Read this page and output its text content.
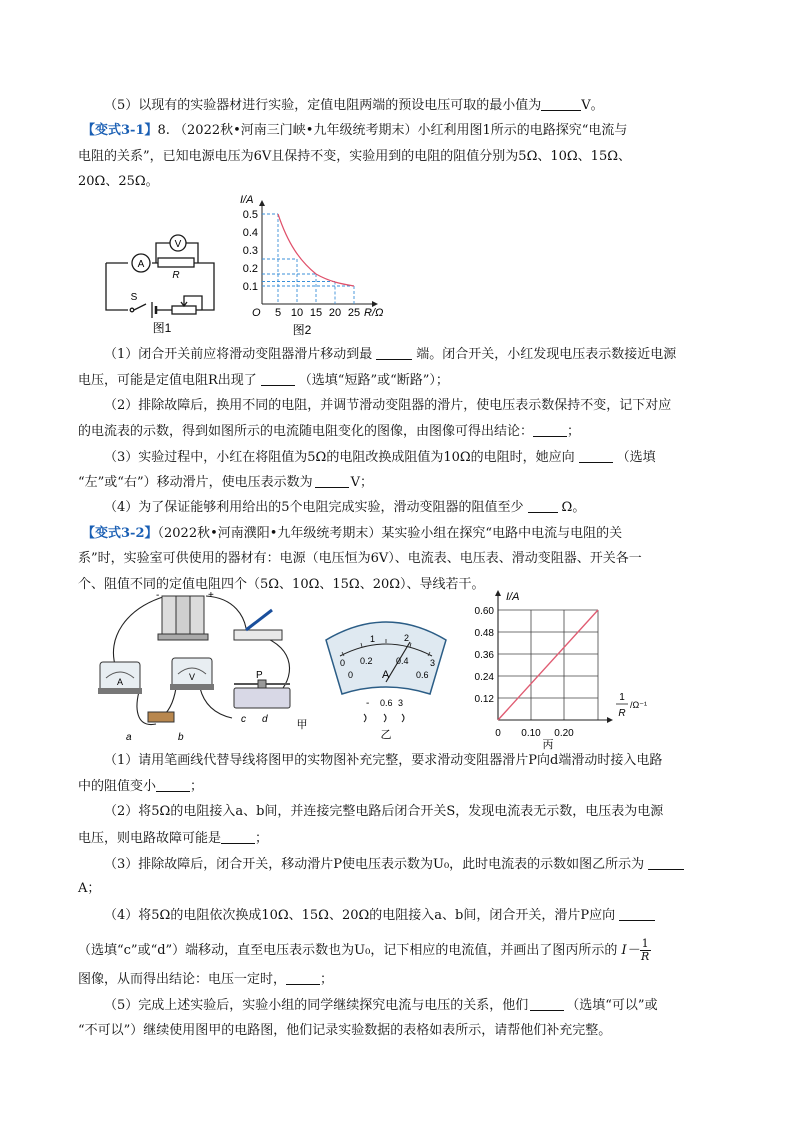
（5）以现有的实验器材进行实验，定值电阻两端的预设电压可取的最小值为	V。
【变式3-1】8. （2022秋•河南三门峡•九年级统考期末）小红利用图1所示的电路探究“电流与
电阻的关系”，已知电源电压为6V且保持不变，实验用到的电阻的阻值分别为5Ω、10Ω、15Ω、
20Ω、25Ω。
A
V
R
S
图1
I/A
0.5
0.4
0.3
0.2
0.1
O 5 10 15 20 25 R/Ω
图2
（1）闭合开关前应将滑动变阻器滑片移动到最	端。闭合开关，小红发现电压表示数接近电源
电压，可能是定值电阻R出现了	（选填“短路”或“断路”）；
（2）排除故障后，换用不同的电阻，并调节滑动变阻器的滑片，使电压表示数保持不变，记下对应
的电流表的示数，得到如图所示的电流随电阻变化的图像，由图像可得出结论：	；
（3）实验过程中，小红在将阻值为5Ω的电阻改换成阻值为10Ω的电阻时，她应向	（选填
“左”或“右”）移动滑片，使电压表示数为	V；
（4）为了保证能够利用给出的5个电阻完成实验，滑动变阻器的阻值至少	Ω。
【变式3-2】（2022秋•河南濮阳•九年级统考期末）某实验小组在探究“电路中电流与电阻的关
系”时，实验室可供使用的器材有：电源（电压恒为6V）、电流表、电压表、滑动变阻器、开关各一
个、阻值不同的定值电阻四个（5Ω、10Ω、15Ω、20Ω）、导线若干。
-	+
A	V	P
c d
a	b
甲
0
1	2
3
0
0.2	0.4
0.6
A
- 0.6 3
乙
I/A
0.60
0.48
0.36
0.24
0.12
0 0.10 0.20
1
R
/Ω⁻¹
丙
（1）请用笔画线代替导线将图甲的实物图补充完整，要求滑动变阻器滑片P向d端滑动时接入电路
中的阻值变小	；
（2）将5Ω的电阻接入a、b间，并连接完整电路后闭合开关S，发现电流表无示数，电压表为电源
电压，则电路故障可能是	；
（3）排除故障后，闭合开关，移动滑片P使电压表示数为U₀，此时电流表的示数如图乙所示为
A；
（4）将5Ω的电阻依次换成10Ω、15Ω、20Ω的电阻接入a、b间，闭合开关，滑片P应向
（选填“c”或“d”）端移动，直至电压表示数也为U₀，记下相应的电流值，并画出了图丙所示的 $I- \frac{1}{R}$
图像，从而得出结论：电压一定时，	；
（5）完成上述实验后，实验小组的同学继续探究电流与电压的关系，他们	（选填“可以”或
“不可以”）继续使用图甲的电路图，他们记录实验数据的表格如表所示，请帮他们补充完整。
